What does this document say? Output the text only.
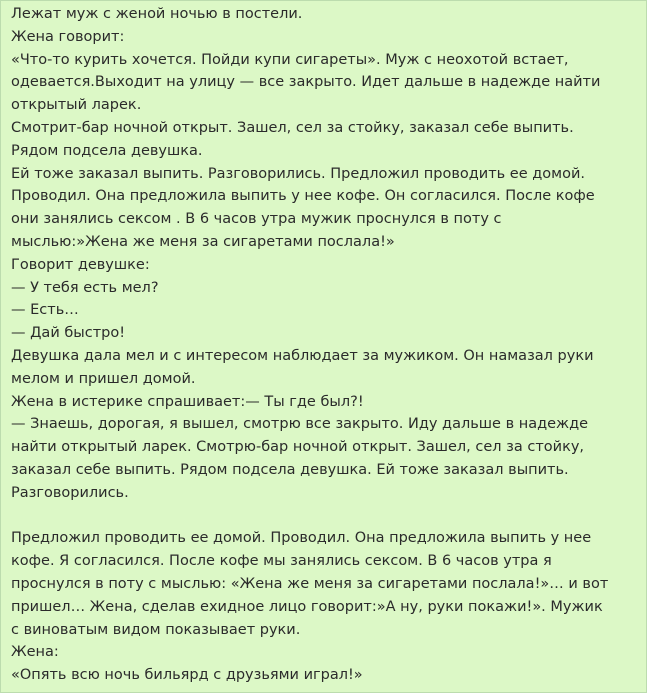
Лежат муж с женой ночью в постели.
Жена говорит:
«Что-то курить хочется. Пойди купи сигареты». Муж с неохотой встает,
одевается.Выходит на улицу — все закрыто. Идет дальше в надежде найти
открытый ларек.
Смотрит-бар ночной открыт. Зашел, сел за стойку, заказал себе выпить.
Рядом подсела девушка.
Ей тоже заказал выпить. Разговорились. Предложил проводить ее домой.
Проводил. Она предложила выпить у нее кофе. Он согласился. После кофе
они занялись сексом . В 6 часов утра мужик проснулся в поту с
мыслью:»Жена же меня за сигаретами послала!»
Говорит девушке:
— У тебя есть мел?
— Есть…
— Дай быстро!
Девушка дала мел и с интересом наблюдает за мужиком. Он намазал руки
мелом и пришел домой.
Жена в истерике спрашивает:— Ты где был?!
— Знаешь, дорогая, я вышел, смотрю все закрыто. Иду дальше в надежде
найти открытый ларек. Смотрю-бар ночной открыт. Зашел, сел за стойку,
заказал себе выпить. Рядом подсела девушка. Ей тоже заказал выпить.
Разговорились.
Предложил проводить ее домой. Проводил. Она предложила выпить у нее
кофе. Я согласился. После кофе мы занялись сексом. В 6 часов утра я
проснулся в поту с мыслью: «Жена же меня за сигаретами послала!»… и вот
пришел… Жена, сделав ехидное лицо говорит:»А ну, руки покажи!». Мужик
с виноватым видом показывает руки.
Жена:
«Опять всю ночь бильярд с друзьями играл!»
